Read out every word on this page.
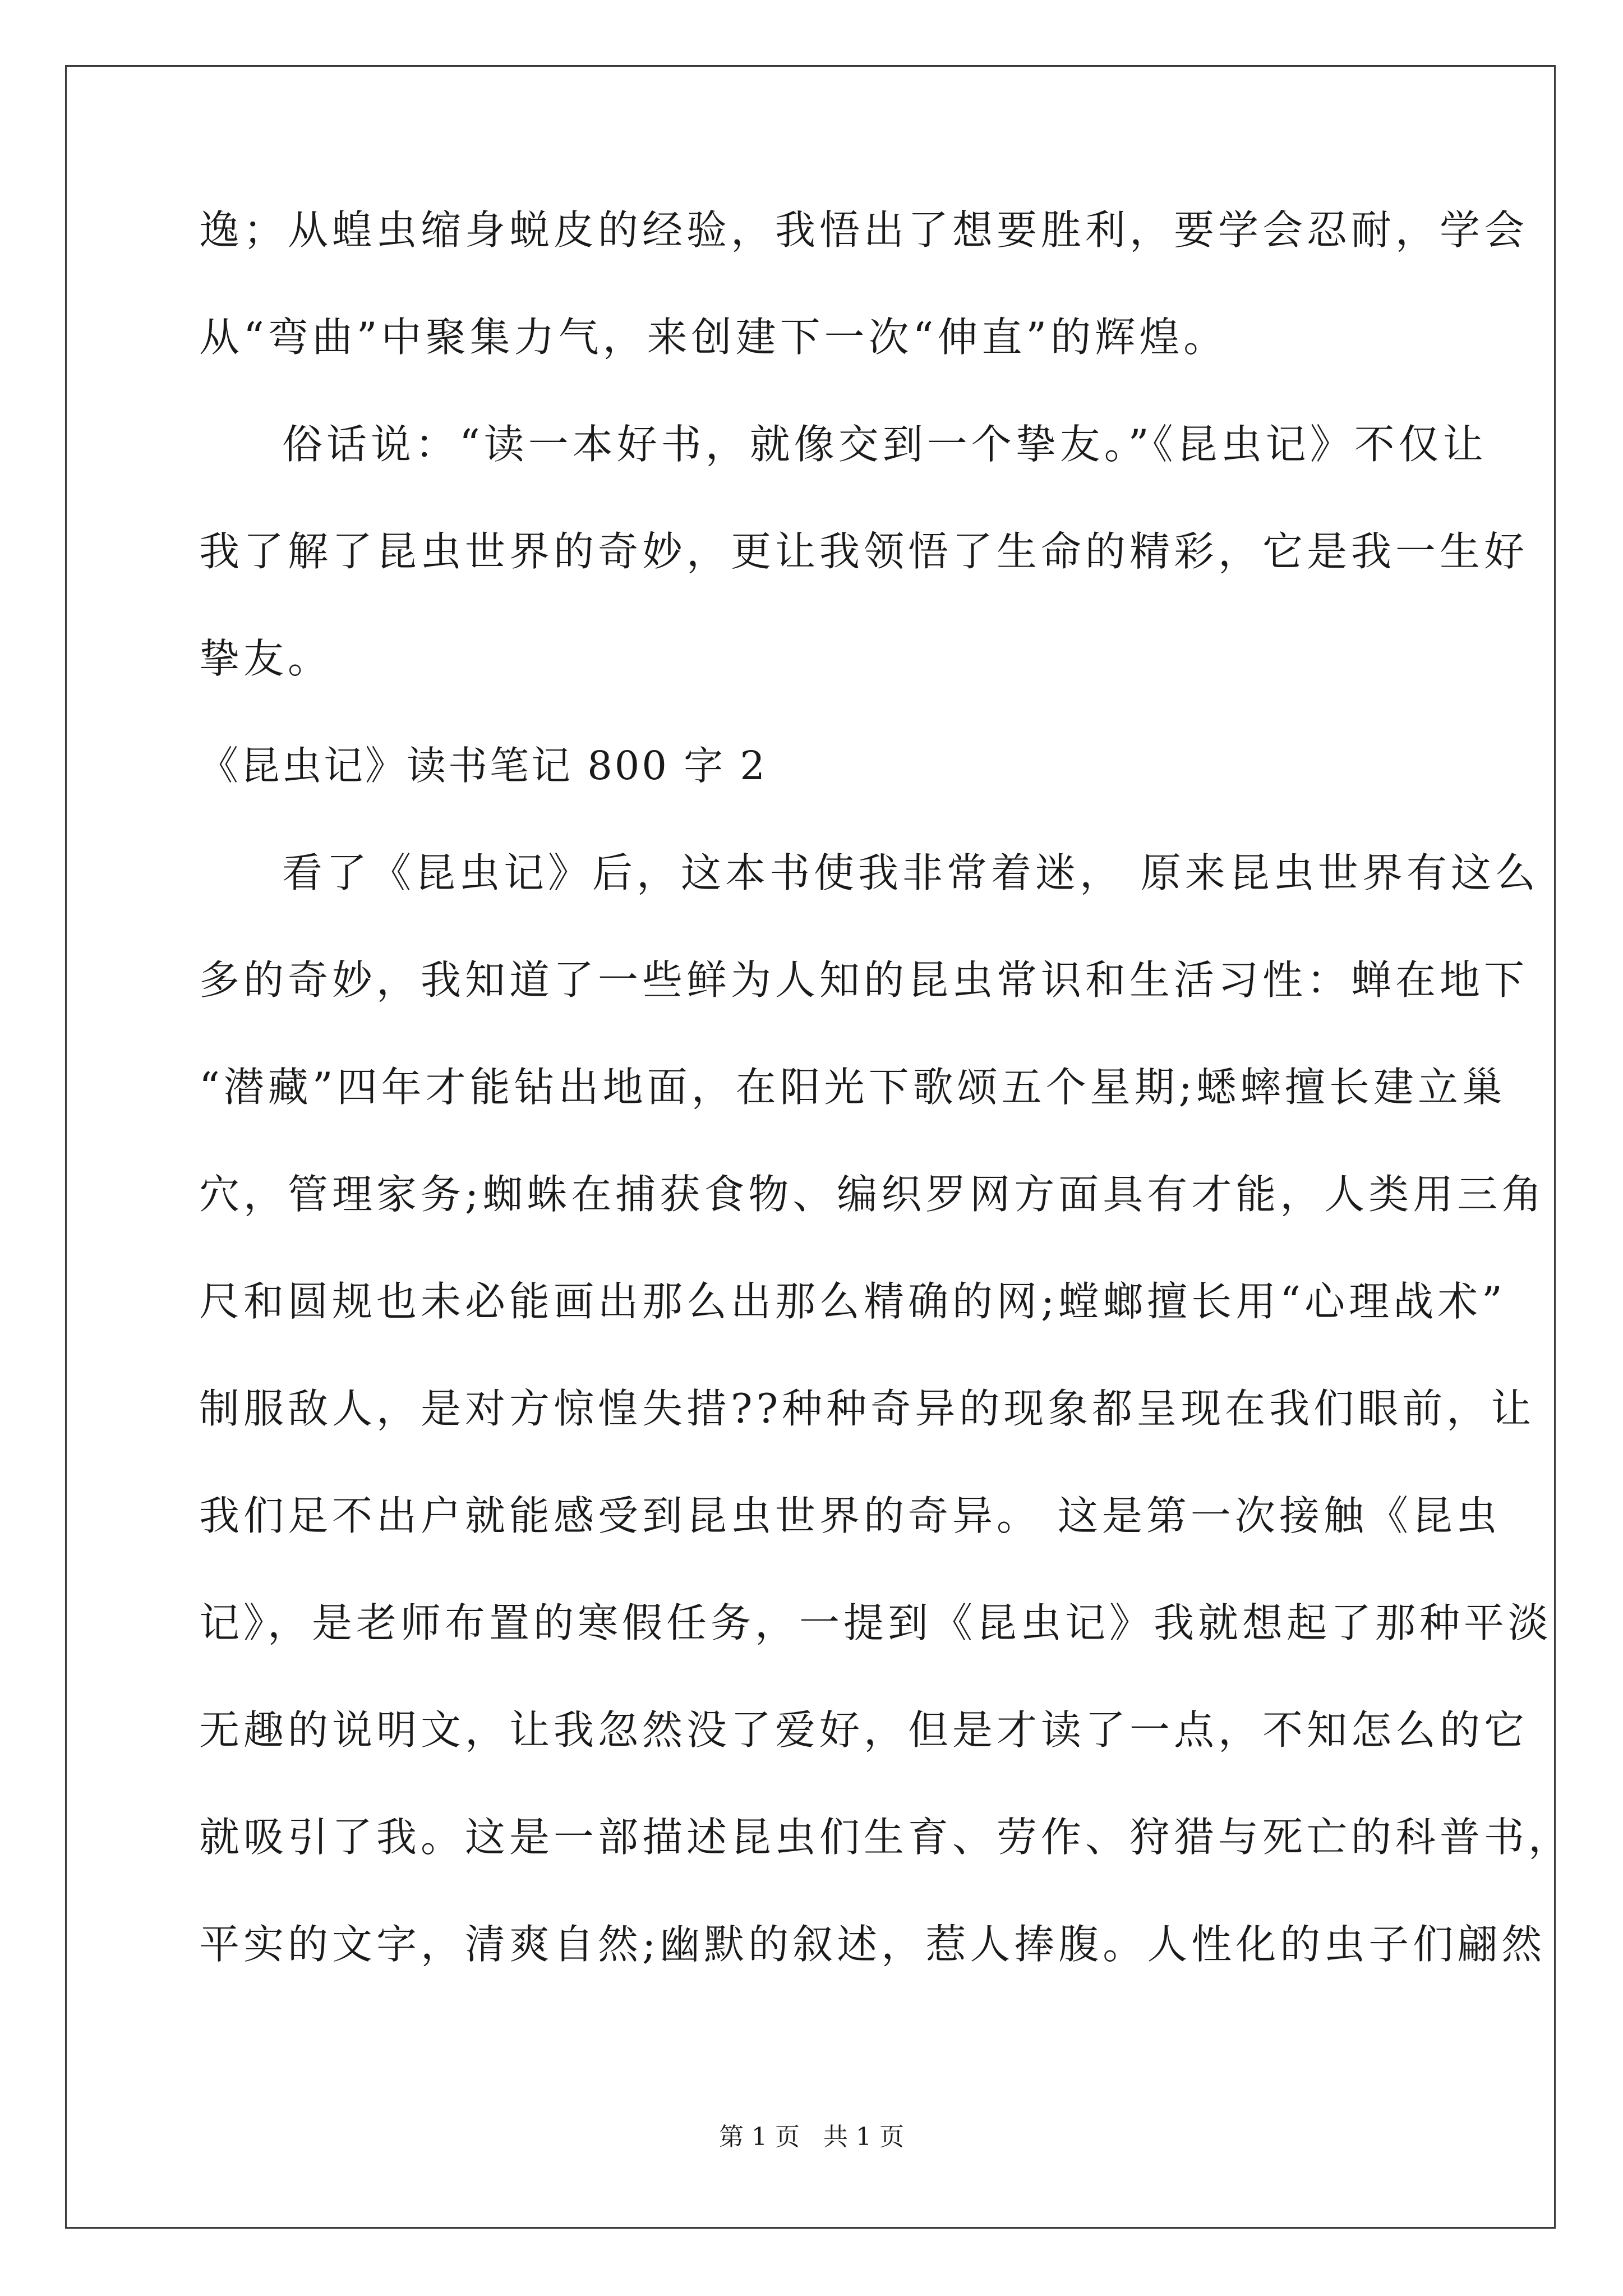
逸；从蝗虫缩身蜕皮的经验，我悟出了想要胜利，要学会忍耐，学会
从“弯曲”中聚集力气，来创建下一次“伸直”的辉煌。
俗话说：“读一本好书，就像交到一个挚友。”《昆虫记》不仅让
我了解了昆虫世界的奇妙，更让我领悟了生命的精彩，它是我一生好
挚友。
《昆虫记》读书笔记 800 字 2
看了《昆虫记》后，这本书使我非常着迷， 原来昆虫世界有这么
多的奇妙，我知道了一些鲜为人知的昆虫常识和生活习性：蝉在地下
“潜藏”四年才能钻出地面，在阳光下歌颂五个星期;蟋蟀擅长建立巢
穴，管理家务;蜘蛛在捕获食物、编织罗网方面具有才能，人类用三角
尺和圆规也未必能画出那么出那么精确的网;螳螂擅长用“心理战术”
制服敌人，是对方惊惶失措??种种奇异的现象都呈现在我们眼前，让
我们足不出户就能感受到昆虫世界的奇异。 这是第一次接触《昆虫
记》，是老师布置的寒假任务，一提到《昆虫记》我就想起了那种平淡
无趣的说明文，让我忽然没了爱好，但是才读了一点，不知怎么的它
就吸引了我。这是一部描述昆虫们生育、劳作、狩猎与死亡的科普书，
平实的文字，清爽自然;幽默的叙述，惹人捧腹。人性化的虫子们翩然
第 1 页   共 1 页
